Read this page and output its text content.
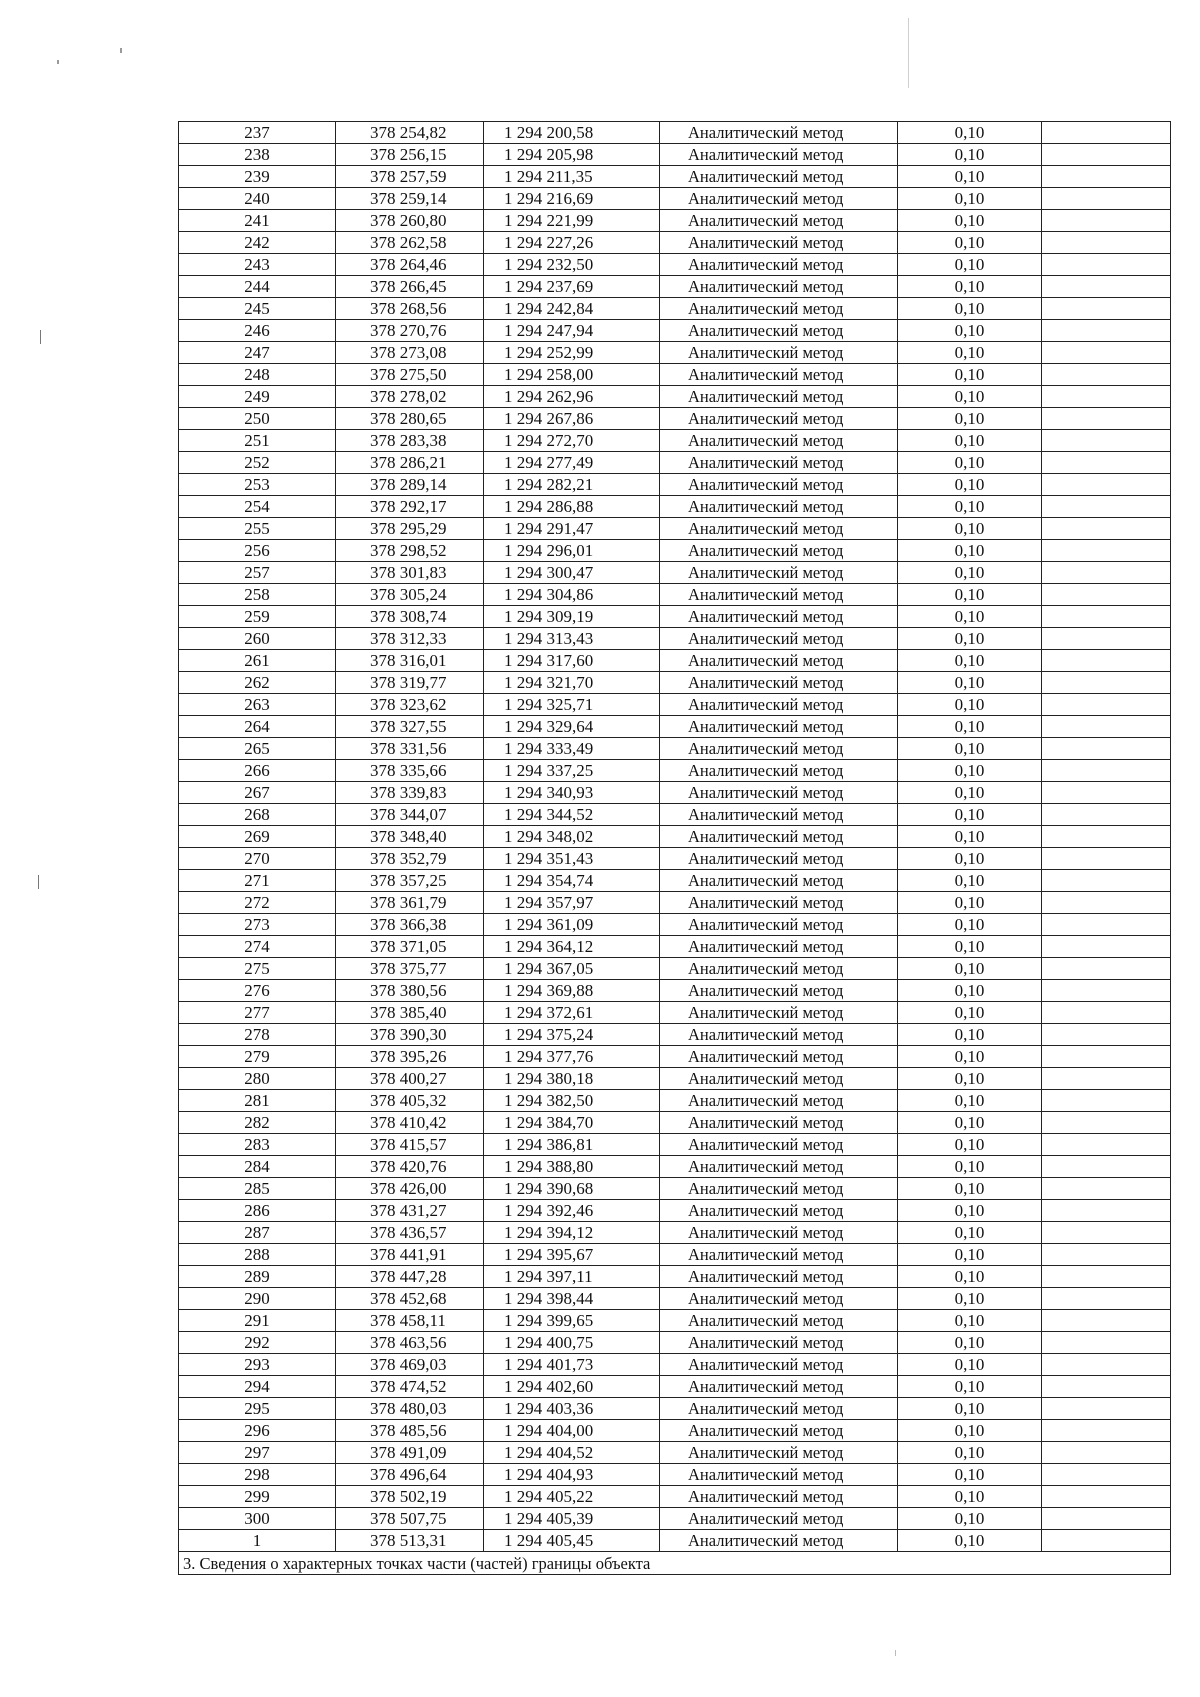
237	378 254,82	1 294 200,58	Аналитический метод	0,10	
238	378 256,15	1 294 205,98	Аналитический метод	0,10	
239	378 257,59	1 294 211,35	Аналитический метод	0,10	
240	378 259,14	1 294 216,69	Аналитический метод	0,10	
241	378 260,80	1 294 221,99	Аналитический метод	0,10	
242	378 262,58	1 294 227,26	Аналитический метод	0,10	
243	378 264,46	1 294 232,50	Аналитический метод	0,10	
244	378 266,45	1 294 237,69	Аналитический метод	0,10	
245	378 268,56	1 294 242,84	Аналитический метод	0,10	
246	378 270,76	1 294 247,94	Аналитический метод	0,10	
247	378 273,08	1 294 252,99	Аналитический метод	0,10	
248	378 275,50	1 294 258,00	Аналитический метод	0,10	
249	378 278,02	1 294 262,96	Аналитический метод	0,10	
250	378 280,65	1 294 267,86	Аналитический метод	0,10	
251	378 283,38	1 294 272,70	Аналитический метод	0,10	
252	378 286,21	1 294 277,49	Аналитический метод	0,10	
253	378 289,14	1 294 282,21	Аналитический метод	0,10	
254	378 292,17	1 294 286,88	Аналитический метод	0,10	
255	378 295,29	1 294 291,47	Аналитический метод	0,10	
256	378 298,52	1 294 296,01	Аналитический метод	0,10	
257	378 301,83	1 294 300,47	Аналитический метод	0,10	
258	378 305,24	1 294 304,86	Аналитический метод	0,10	
259	378 308,74	1 294 309,19	Аналитический метод	0,10	
260	378 312,33	1 294 313,43	Аналитический метод	0,10	
261	378 316,01	1 294 317,60	Аналитический метод	0,10	
262	378 319,77	1 294 321,70	Аналитический метод	0,10	
263	378 323,62	1 294 325,71	Аналитический метод	0,10	
264	378 327,55	1 294 329,64	Аналитический метод	0,10	
265	378 331,56	1 294 333,49	Аналитический метод	0,10	
266	378 335,66	1 294 337,25	Аналитический метод	0,10	
267	378 339,83	1 294 340,93	Аналитический метод	0,10	
268	378 344,07	1 294 344,52	Аналитический метод	0,10	
269	378 348,40	1 294 348,02	Аналитический метод	0,10	
270	378 352,79	1 294 351,43	Аналитический метод	0,10	
271	378 357,25	1 294 354,74	Аналитический метод	0,10	
272	378 361,79	1 294 357,97	Аналитический метод	0,10	
273	378 366,38	1 294 361,09	Аналитический метод	0,10	
274	378 371,05	1 294 364,12	Аналитический метод	0,10	
275	378 375,77	1 294 367,05	Аналитический метод	0,10	
276	378 380,56	1 294 369,88	Аналитический метод	0,10	
277	378 385,40	1 294 372,61	Аналитический метод	0,10	
278	378 390,30	1 294 375,24	Аналитический метод	0,10	
279	378 395,26	1 294 377,76	Аналитический метод	0,10	
280	378 400,27	1 294 380,18	Аналитический метод	0,10	
281	378 405,32	1 294 382,50	Аналитический метод	0,10	
282	378 410,42	1 294 384,70	Аналитический метод	0,10	
283	378 415,57	1 294 386,81	Аналитический метод	0,10	
284	378 420,76	1 294 388,80	Аналитический метод	0,10	
285	378 426,00	1 294 390,68	Аналитический метод	0,10	
286	378 431,27	1 294 392,46	Аналитический метод	0,10	
287	378 436,57	1 294 394,12	Аналитический метод	0,10	
288	378 441,91	1 294 395,67	Аналитический метод	0,10	
289	378 447,28	1 294 397,11	Аналитический метод	0,10	
290	378 452,68	1 294 398,44	Аналитический метод	0,10	
291	378 458,11	1 294 399,65	Аналитический метод	0,10	
292	378 463,56	1 294 400,75	Аналитический метод	0,10	
293	378 469,03	1 294 401,73	Аналитический метод	0,10	
294	378 474,52	1 294 402,60	Аналитический метод	0,10	
295	378 480,03	1 294 403,36	Аналитический метод	0,10	
296	378 485,56	1 294 404,00	Аналитический метод	0,10	
297	378 491,09	1 294 404,52	Аналитический метод	0,10	
298	378 496,64	1 294 404,93	Аналитический метод	0,10	
299	378 502,19	1 294 405,22	Аналитический метод	0,10	
300	378 507,75	1 294 405,39	Аналитический метод	0,10	
1	378 513,31	1 294 405,45	Аналитический метод	0,10	
3. Сведения о характерных точках части (частей) границы объекта					
